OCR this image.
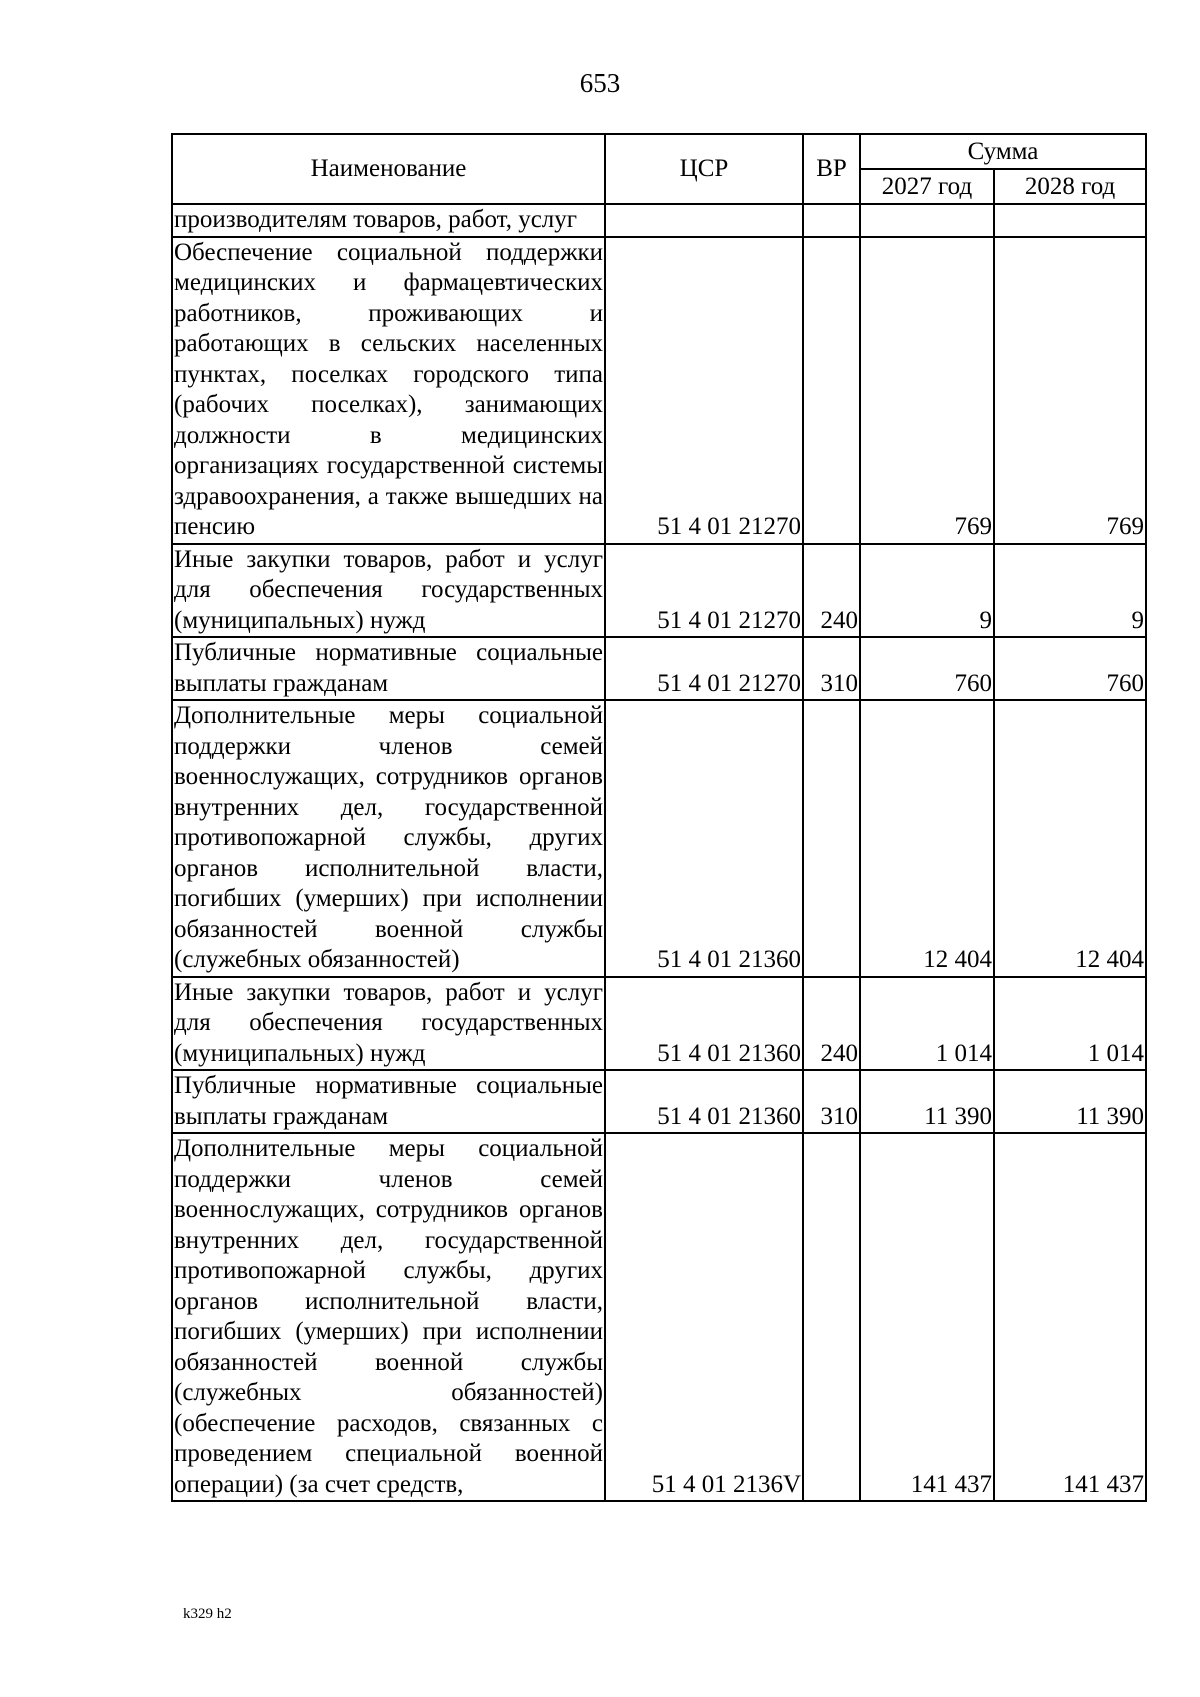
653
Наименование	ЦСР	ВР	Сумма	
			2027 год	2028 год
производителям товаров, работ, услуг				
Обеспечение социальной поддержки медицинских и фармацевтических работников, проживающих и работающих в сельских населенных пунктах, поселках городского типа (рабочих поселках), занимающих должности в медицинских организациях государственной системы здравоохранения, а также вышедших на пенсию	51 4 01 21270		769	769
Иные закупки товаров, работ и услуг для обеспечения государственных (муниципальных) нужд	51 4 01 21270	240	9	9
Публичные нормативные социальные выплаты гражданам	51 4 01 21270	310	760	760
Дополнительные меры социальной поддержки членов семей военнослужащих, сотрудников органов внутренних дел, государственной противопожарной службы, других органов исполнительной власти, погибших (умерших) при исполнении обязанностей военной службы (служебных обязанностей)	51 4 01 21360		12 404	12 404
Иные закупки товаров, работ и услуг для обеспечения государственных (муниципальных) нужд	51 4 01 21360	240	1 014	1 014
Публичные нормативные социальные выплаты гражданам	51 4 01 21360	310	11 390	11 390
Дополнительные меры социальной поддержки членов семей военнослужащих, сотрудников органов внутренних дел, государственной противопожарной службы, других органов исполнительной власти, погибших (умерших) при исполнении обязанностей военной службы (служебных обязанностей) (обеспечение расходов, связанных с проведением специальной военной операции) (за счет средств,	51 4 01 2136V		141 437	141 437
k329 h2
